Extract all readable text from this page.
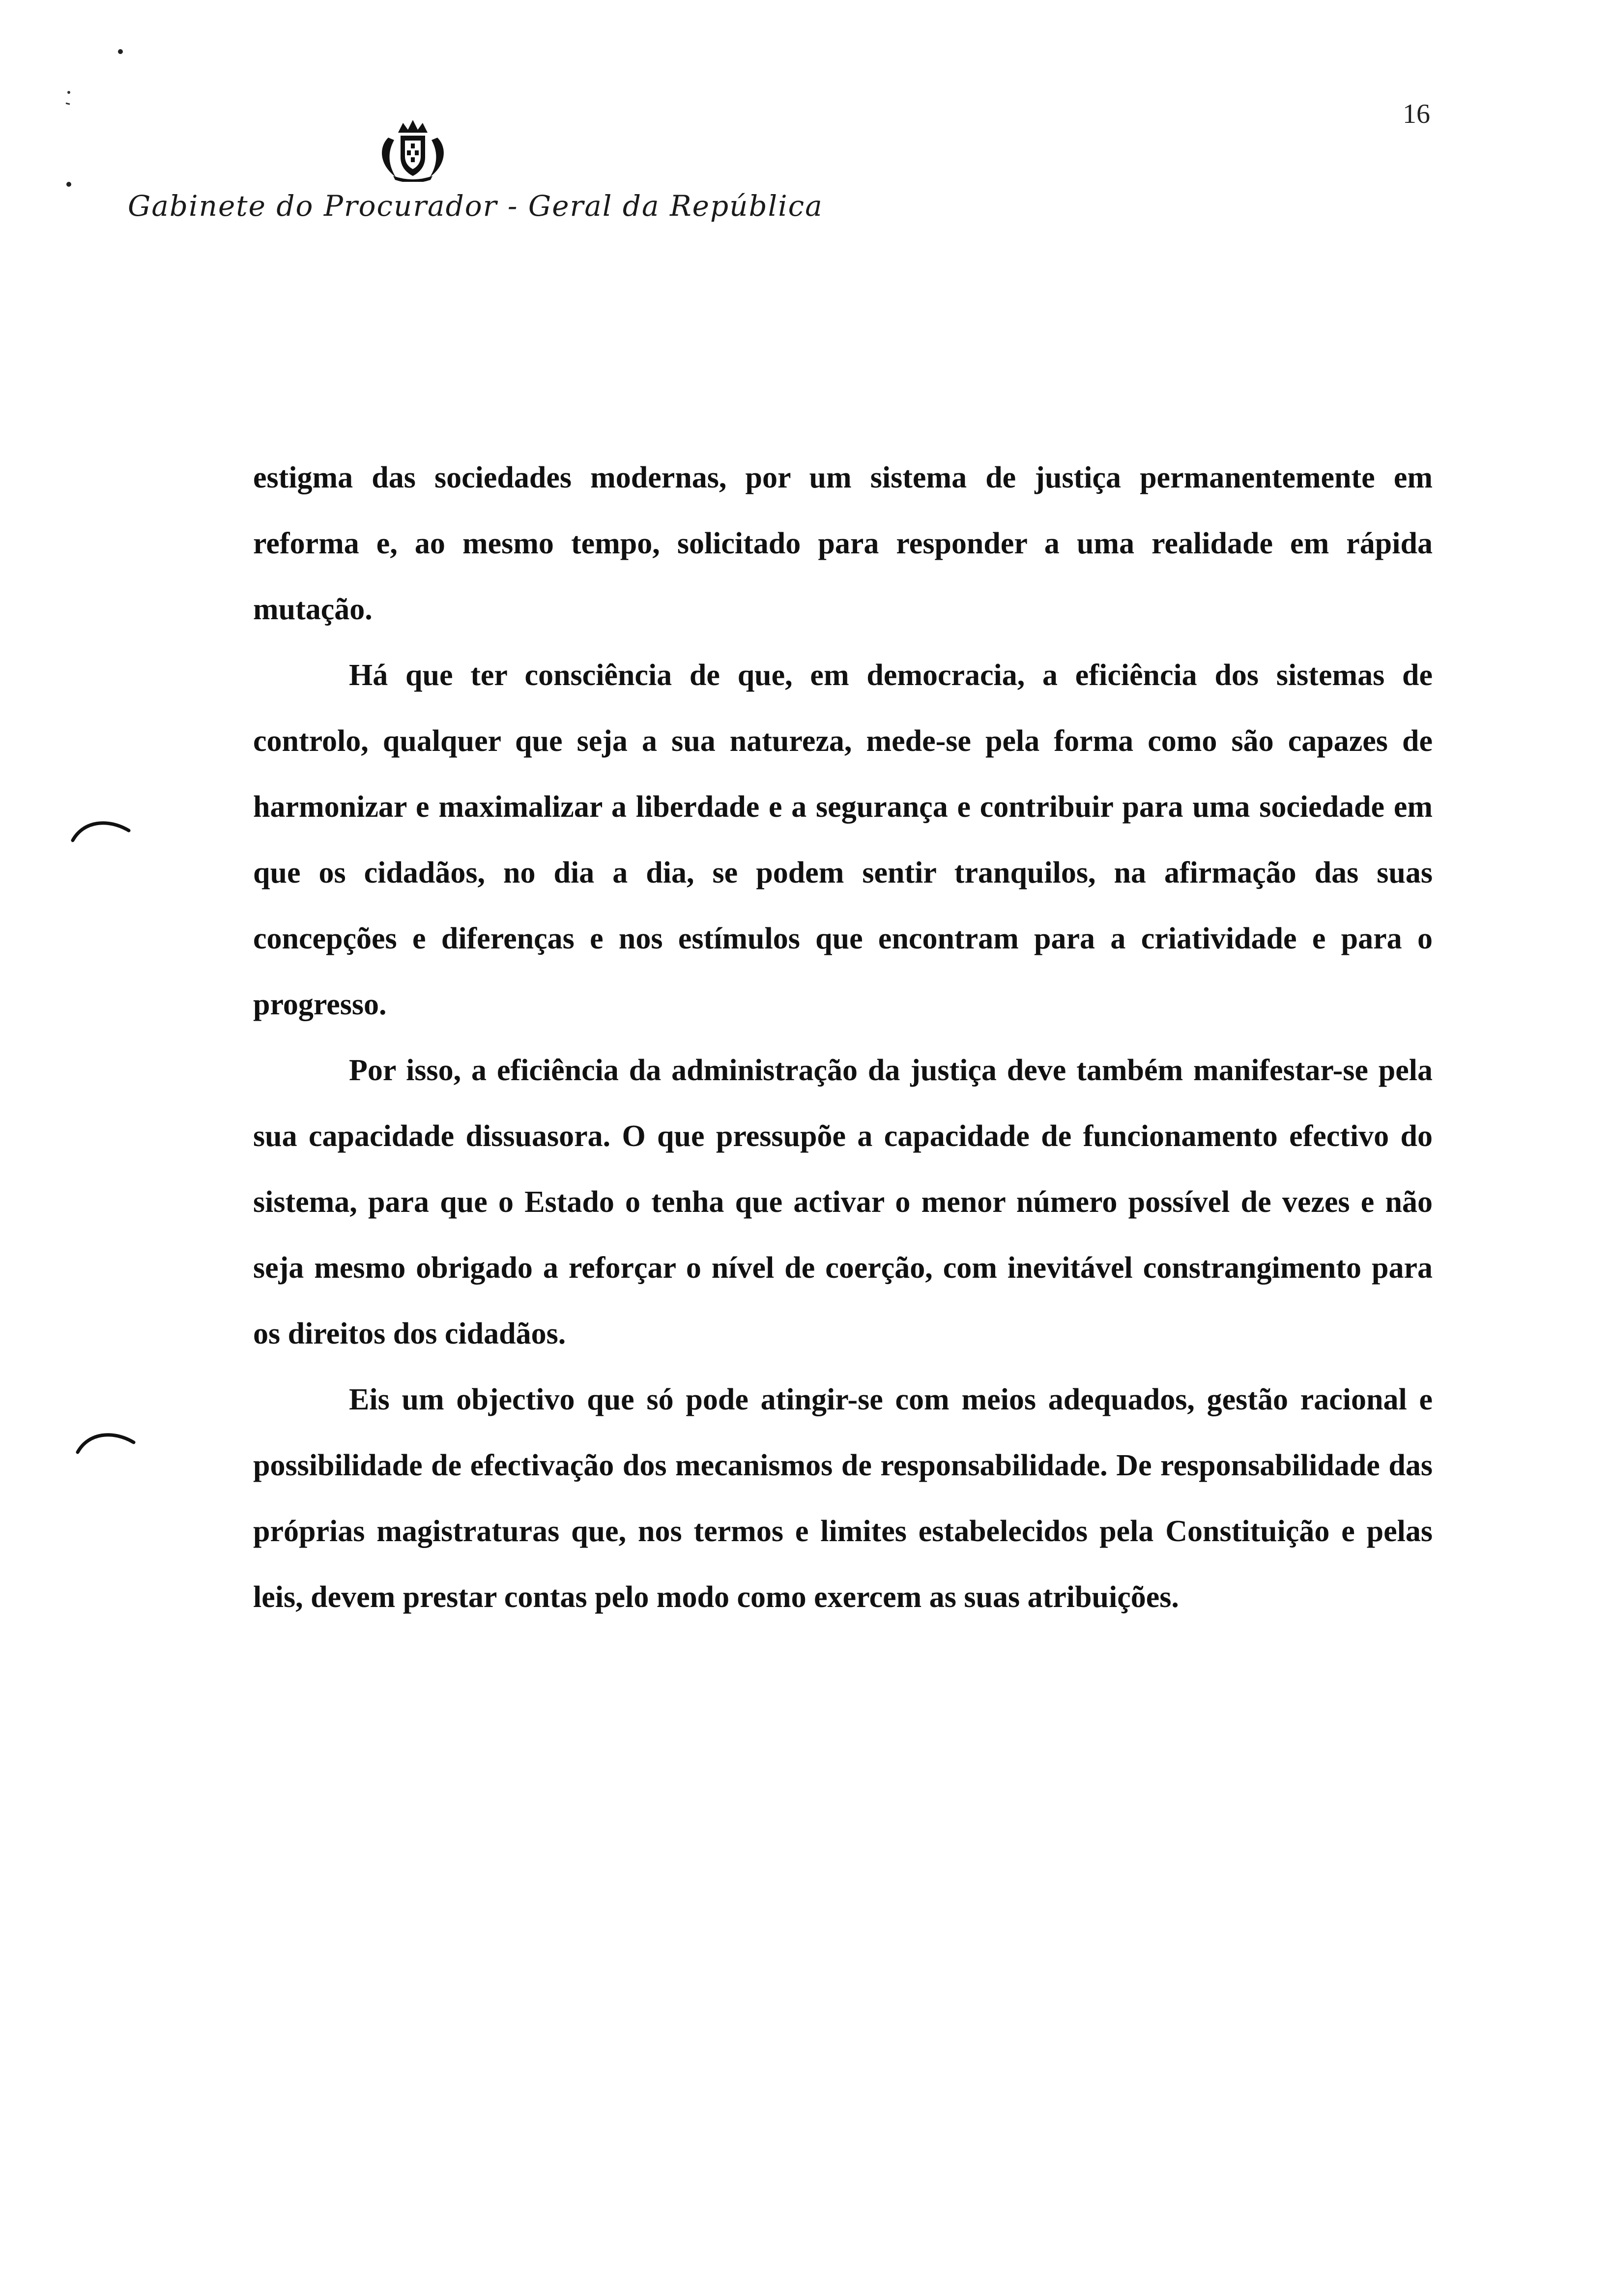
16
Gabinete do Procurador - Geral da República

estigma das sociedades modernas, por um sistema de justiça permanentemente em reforma e, ao mesmo tempo, solicitado para responder a uma realidade em rápida mutação.

Há que ter consciência de que, em democracia, a eficiência dos sistemas de controlo, qualquer que seja a sua natureza, mede-se pela forma como são capazes de harmonizar e maximalizar a liberdade e a segurança e contribuir para uma sociedade em que os cidadãos, no dia a dia, se podem sentir tranquilos, na afirmação das suas concepções e diferenças e nos estímulos que encontram para a criatividade e para o progresso.

Por isso, a eficiência da administração da justiça deve também manifestar-se pela sua capacidade dissuasora. O que pressupõe a capacidade de funcionamento efectivo do sistema, para que o Estado o tenha que activar o menor número possível de vezes e não seja mesmo obrigado a reforçar o nível de coerção, com inevitável constrangimento para os direitos dos cidadãos.

Eis um objectivo que só pode atingir-se com meios adequados, gestão racional e possibilidade de efectivação dos mecanismos de responsabilidade. De responsabilidade das próprias magistraturas que, nos termos e limites estabelecidos pela Constituição e pelas leis, devem prestar contas pelo modo como exercem as suas atribuições.
